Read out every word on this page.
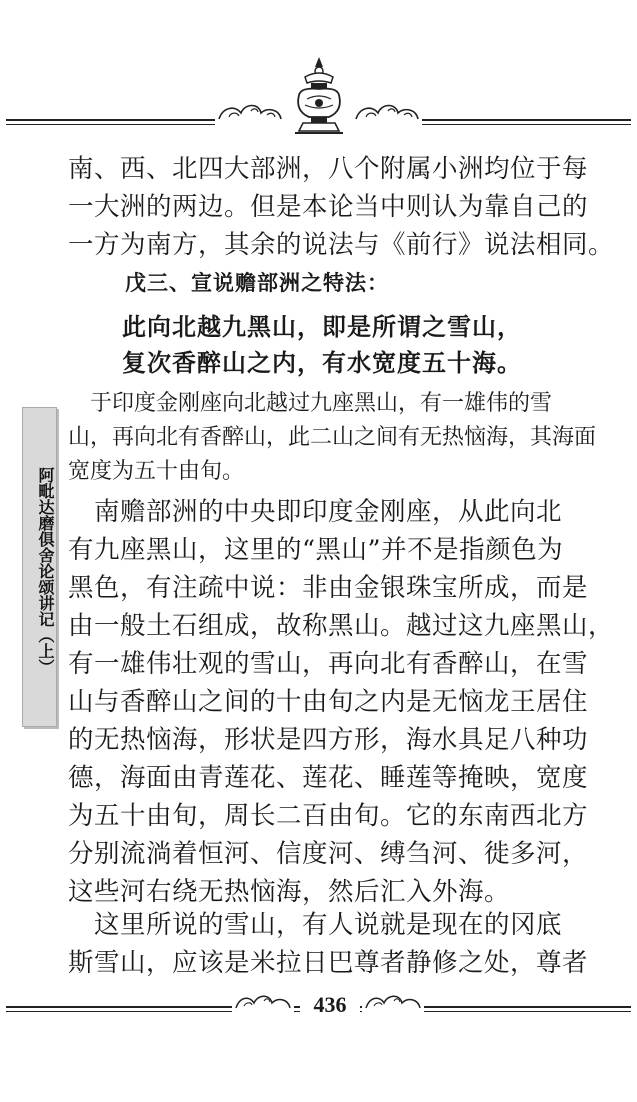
南、西、北四大部洲，八个附属小洲均位于每
一大洲的两边。但是本论当中则认为靠自己的
一方为南方，其余的说法与《前行》说法相同。
戊三、宣说赡部洲之特法：
此向北越九黑山，即是所谓之雪山，
复次香醉山之内，有水宽度五十海。
　于印度金刚座向北越过九座黑山，有一雄伟的雪
山，再向北有香醉山，此二山之间有无热恼海，其海面
宽度为五十由旬。
　南赡部洲的中央即印度金刚座，从此向北
有九座黑山，这里的“黑山”并不是指颜色为
黑色，有注疏中说：非由金银珠宝所成，而是
由一般土石组成，故称黑山。越过这九座黑山，
有一雄伟壮观的雪山，再向北有香醉山，在雪
山与香醉山之间的十由旬之内是无恼龙王居住
的无热恼海，形状是四方形，海水具足八种功
德，海面由青莲花、莲花、睡莲等掩映，宽度
为五十由旬，周长二百由旬。它的东南西北方
分别流淌着恒河、信度河、缚刍河、徙多河，
这些河右绕无热恼海，然后汇入外海。
　这里所说的雪山，有人说就是现在的冈底
斯雪山，应该是米拉日巴尊者静修之处，尊者
阿毗达磨俱舍论颂讲记（上）
436
